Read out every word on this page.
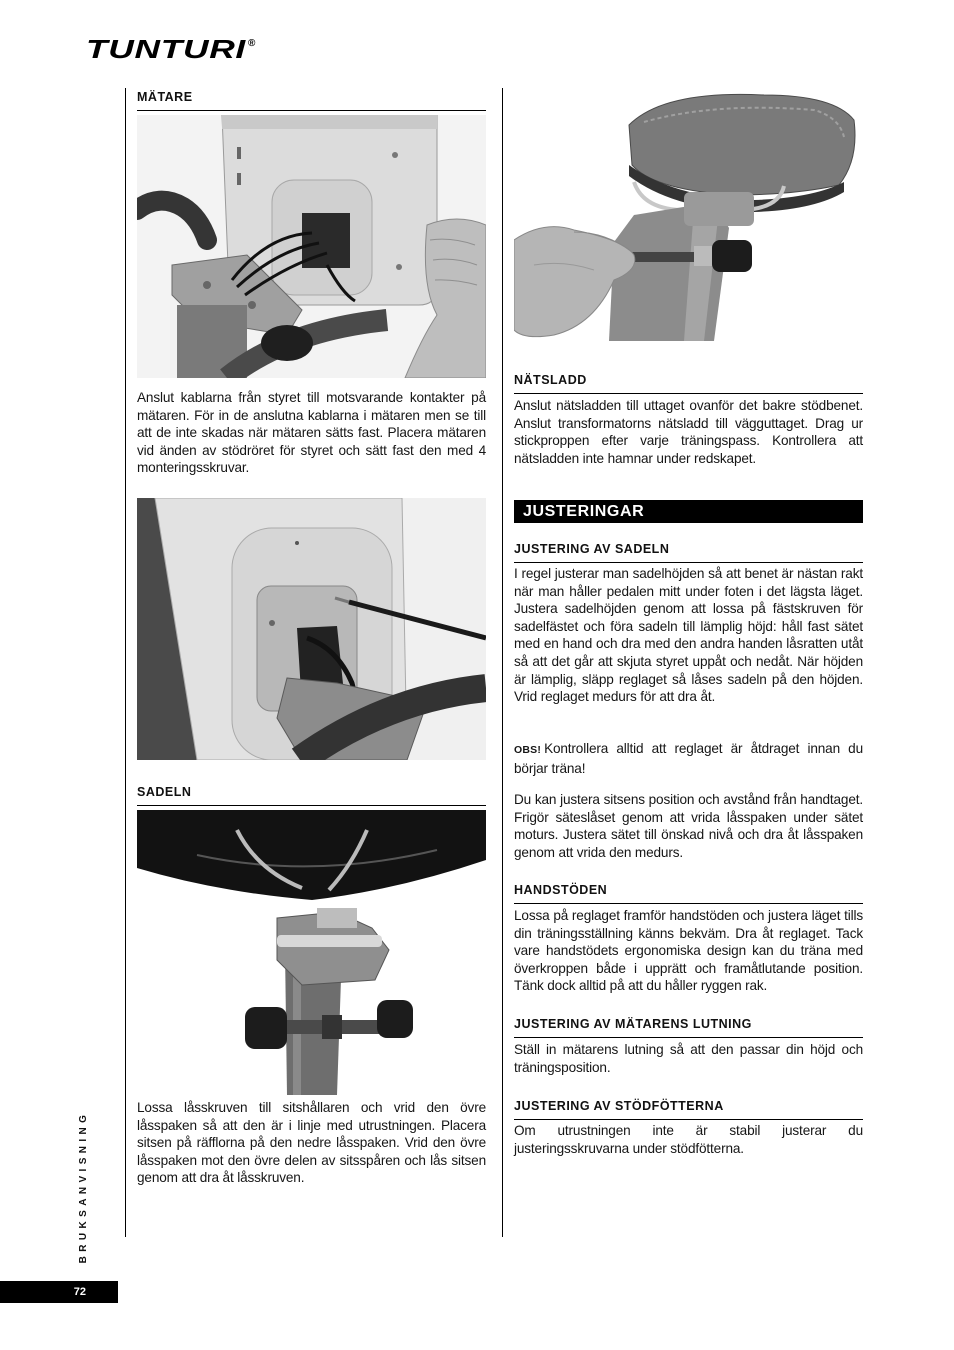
TUNTURI ®
MÄTARE

Anslut kablarna från styret till motsvarande kontakter på mätaren. För in de anslutna kablarna i mätaren men se till att de inte skadas när mätaren sätts fast. Placera mätaren vid änden av stödröret för styret och sätt fast den med 4 monteringsskruvar.

SADELN

Lossa låsskruven till sitshållaren och vrid den övre låsspaken så att den är i linje med utrustningen. Placera sitsen på räfflorna på den nedre låsspaken. Vrid den övre låsspaken mot den övre delen av sitsspåren och lås sitsen genom att dra åt låsskruven.

NÄTSLADD

Anslut nätsladden till uttaget ovanför det bakre stödbenet. Anslut transformatorns nätsladd till vägguttaget. Drag ur stickproppen efter varje träningspass. Kontrollera att nätsladden inte hamnar under redskapet.

JUSTERINGAR
JUSTERING AV SADELN

I regel justerar man sadelhöjden så att benet är nästan rakt när man håller pedalen mitt under foten i det lägsta läget. Justera sadelhöjden genom att lossa på fästskruven för sadelfästet och föra sadeln till lämplig höjd: håll fast sätet med en hand och dra med den andra handen låsratten utåt så att det går att skjuta styret uppåt och nedåt. När höjden är lämplig, släpp reglaget så låses sadeln på den höjden. Vrid reglaget medurs för att dra åt.

OBS! Kontrollera alltid att reglaget är åtdraget innan du börjar träna!

Du kan justera sitsens position och avstånd från handtaget. Frigör säteslåset genom att vrida låsspaken under sätet moturs. Justera sätet till önskad nivå och dra åt låsspaken genom att vrida den medurs.

HANDSTÖDEN

Lossa på reglaget framför handstöden och justera läget tills din träningsställning känns bekväm. Dra åt reglaget. Tack vare handstödets ergonomiska design kan du träna med överkroppen både i upprätt och framåtlutande position. Tänk dock alltid på att du håller ryggen rak.

JUSTERING AV MÄTARENS LUTNING

Ställ in mätarens lutning så att den passar din höjd och träningsposition.

JUSTERING AV STÖDFÖTTERNA

Om utrustningen inte är stabil justerar du justeringsskruvarna under stödfötterna.

BRUKSANVISNING
72
